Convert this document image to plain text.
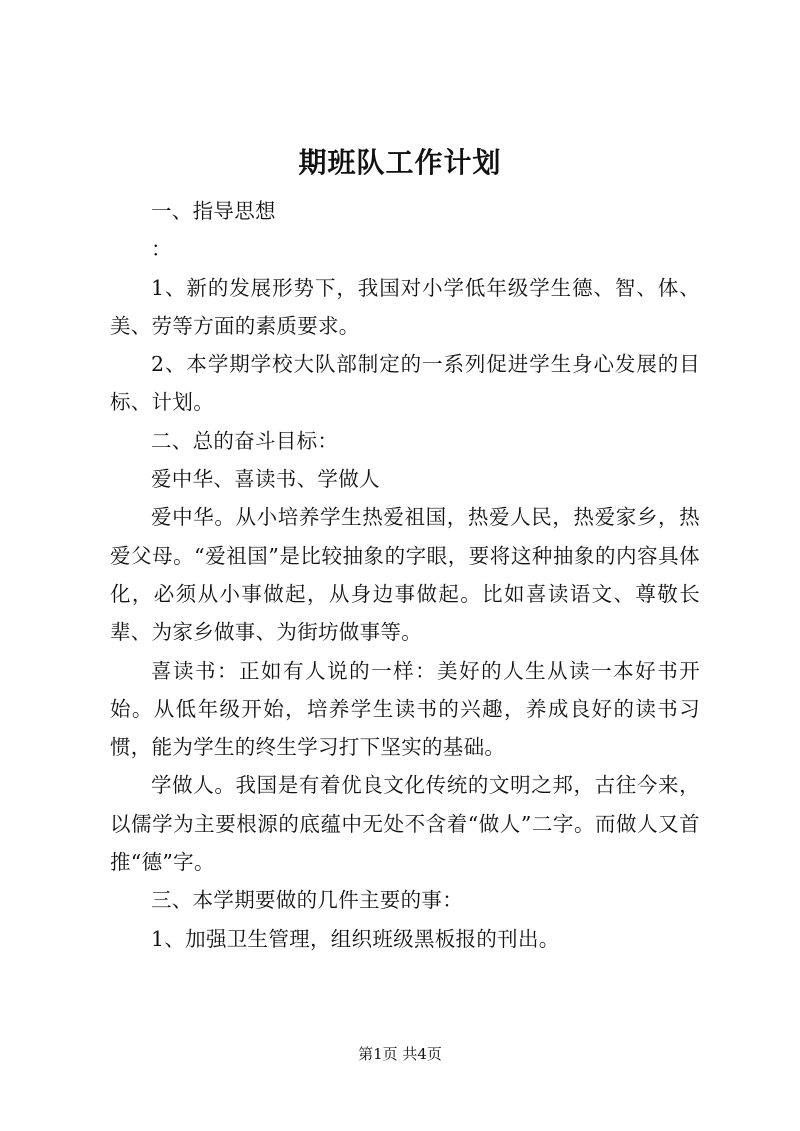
期班队工作计划

一、指导思想

：

1、新的发展形势下，我国对小学低年级学生德、智、体、美、劳等方面的素质要求。

2、本学期学校大队部制定的一系列促进学生身心发展的目标、计划。

二、总的奋斗目标：

爱中华、喜读书、学做人

爱中华。从小培养学生热爱祖国，热爱人民，热爱家乡，热爱父母。“爱祖国”是比较抽象的字眼，要将这种抽象的内容具体化，必须从小事做起，从身边事做起。比如喜读语文、尊敬长辈、为家乡做事、为街坊做事等。

喜读书：正如有人说的一样：美好的人生从读一本好书开始。从低年级开始，培养学生读书的兴趣，养成良好的读书习惯，能为学生的终生学习打下坚实的基础。

学做人。我国是有着优良文化传统的文明之邦，古往今来，以儒学为主要根源的底蕴中无处不含着“做人”二字。而做人又首推“德”字。

三、本学期要做的几件主要的事：

1、加强卫生管理，组织班级黑板报的刊出。

第1页 共4页
